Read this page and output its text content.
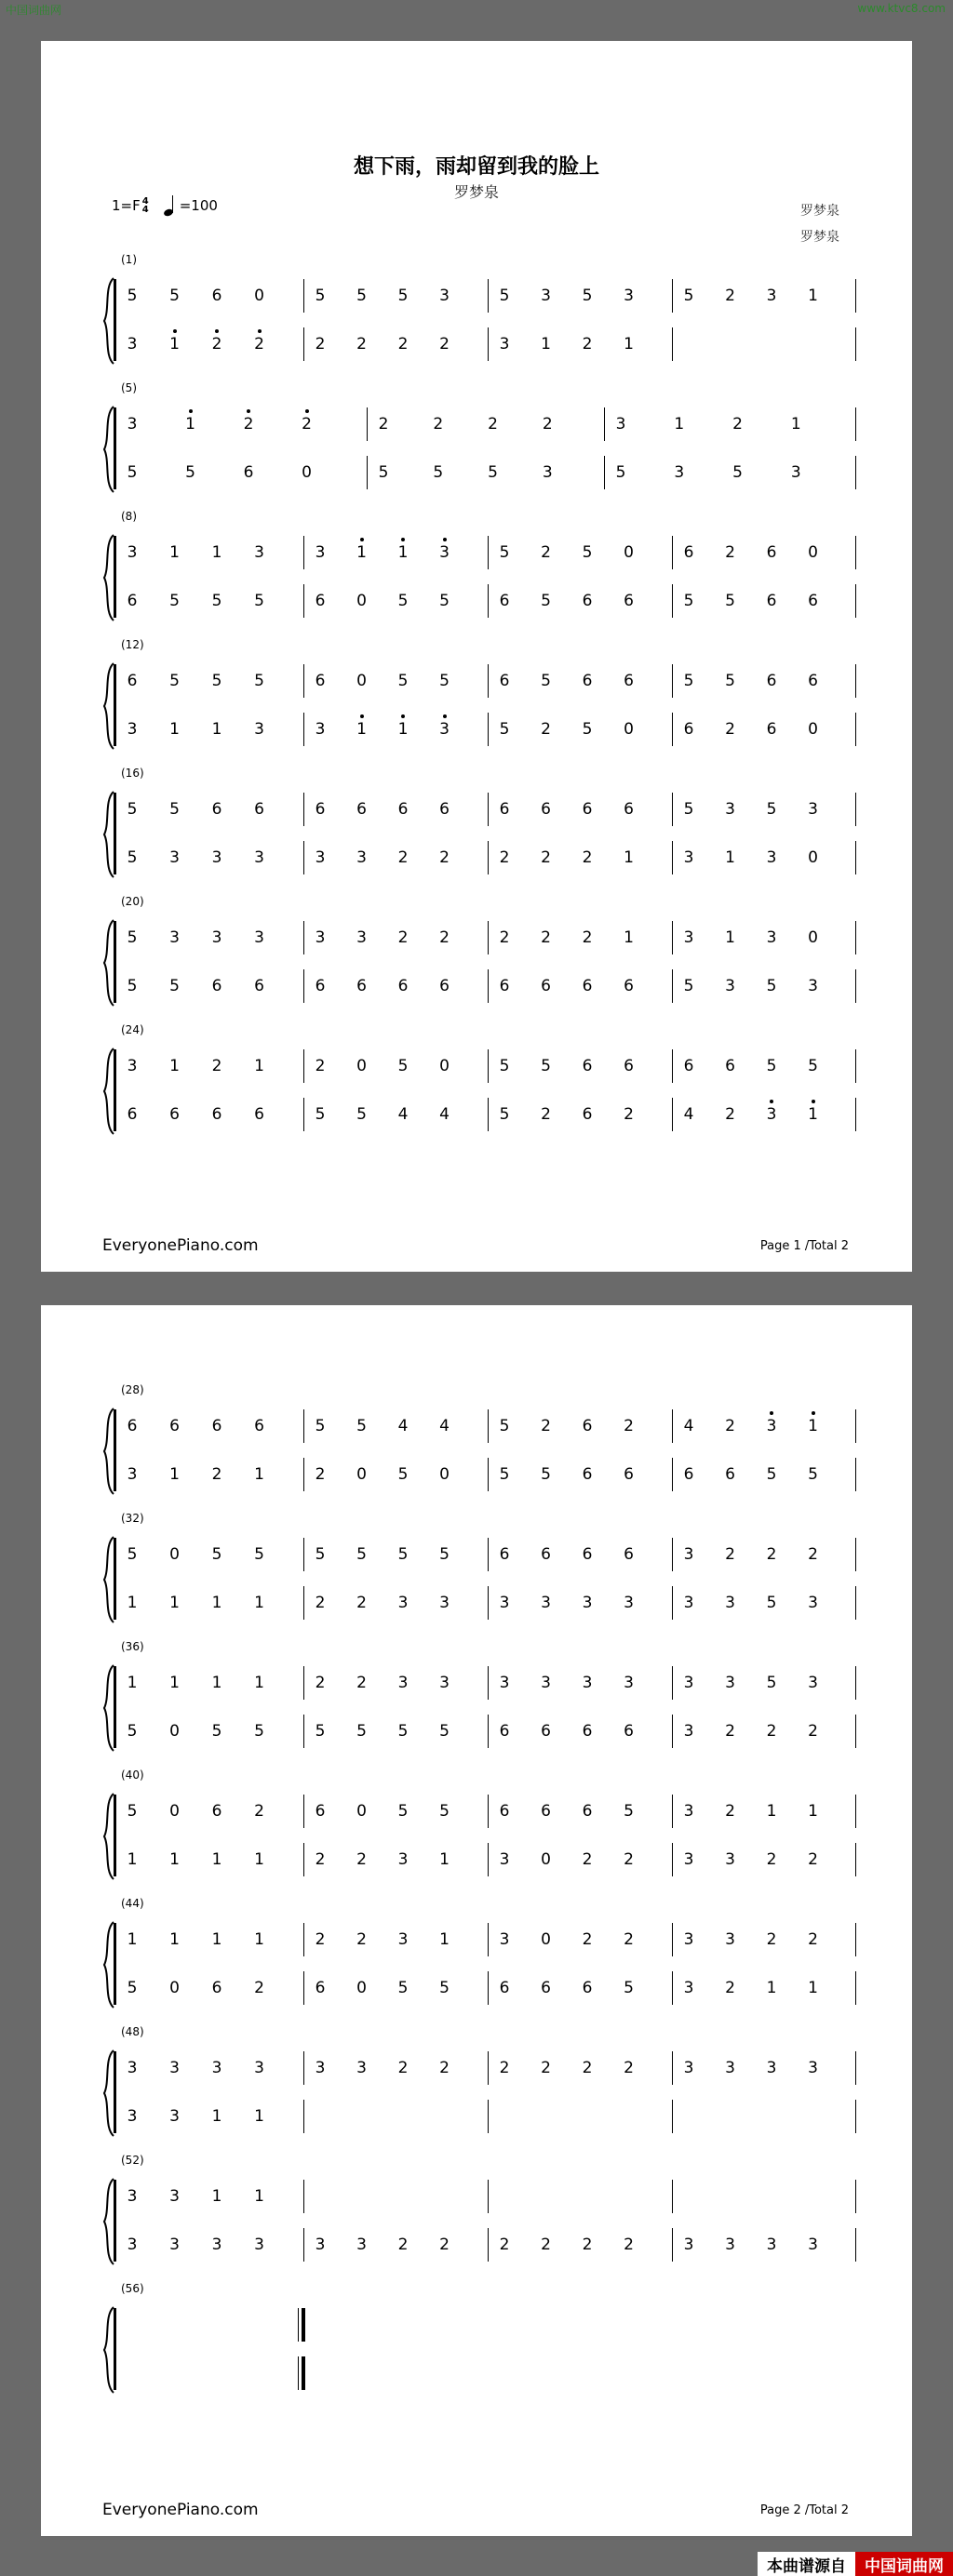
中国词曲网	www.ktvc8.com
想下雨，雨却留到我的脸上
罗梦泉
罗梦泉
罗梦泉
1=F 4
4 =100
(1)
5	5	6	0	5	5	5	3	5	3	5	3	5	2	3	1
3	1	2	2	2	2	2	2	3	1	2	1
(5)
3	1	2	2	2	2	2	2	3	1	2	1
5	5	6	0	5	5	5	3	5	3	5	3
(8)
3	1	1	3	3	1	1	3	5	2	5	0	6	2	6	0
6	5	5	5	6	0	5	5	6	5	6	6	5	5	6	6
(12)
6	5	5	5	6	0	5	5	6	5	6	6	5	5	6	6
3	1	1	3	3	1	1	3	5	2	5	0	6	2	6	0
(16)
5	5	6	6	6	6	6	6	6	6	6	6	5	3	5	3
5	3	3	3	3	3	2	2	2	2	2	1	3	1	3	0
(20)
5	3	3	3	3	3	2	2	2	2	2	1	3	1	3	0
5	5	6	6	6	6	6	6	6	6	6	6	5	3	5	3
(24)
3	1	2	1	2	0	5	0	5	5	6	6	6	6	5	5
6	6	6	6	5	5	4	4	5	2	6	2	4	2	3	1
EveryonePiano.com	Page 1 /Total 2
(28)
6	6	6	6	5	5	4	4	5	2	6	2	4	2	3	1
3	1	2	1	2	0	5	0	5	5	6	6	6	6	5	5
(32)
5	0	5	5	5	5	5	5	6	6	6	6	3	2	2	2
1	1	1	1	2	2	3	3	3	3	3	3	3	3	5	3
(36)
1	1	1	1	2	2	3	3	3	3	3	3	3	3	5	3
5	0	5	5	5	5	5	5	6	6	6	6	3	2	2	2
(40)
5	0	6	2	6	0	5	5	6	6	6	5	3	2	1	1
1	1	1	1	2	2	3	1	3	0	2	2	3	3	2	2
(44)
1	1	1	1	2	2	3	1	3	0	2	2	3	3	2	2
5	0	6	2	6	0	5	5	6	6	6	5	3	2	1	1
(48)
3	3	3	3	3	3	2	2	2	2	2	2	3	3	3	3
3	3	1	1
(52)
3	3	1	1
3	3	3	3	3	3	2	2	2	2	2	2	3	3	3	3
(56)
EveryonePiano.com	Page 2 /Total 2
本曲谱源自	中国词曲网
